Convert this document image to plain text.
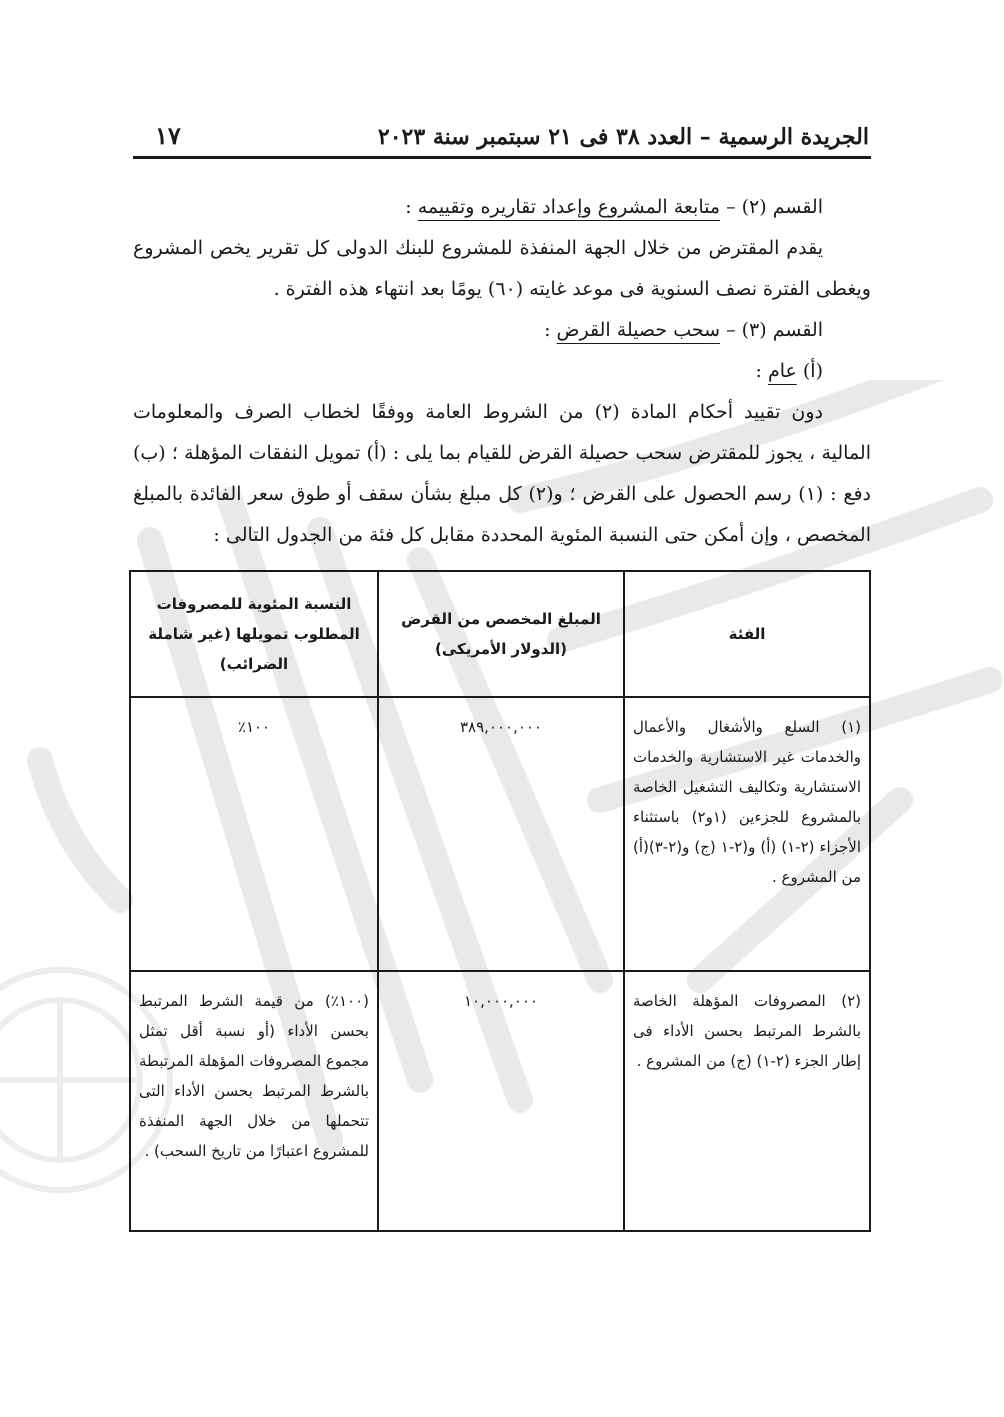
الجريدة الرسمية – العدد ٣٨ فى ٢١ سبتمبر سنة ٢٠٢٣
١٧

القسم (٢) – متابعة المشروع وإعداد تقاريره وتقييمه :

يقدم المقترض من خلال الجهة المنفذة للمشروع للبنك الدولى كل تقرير يخص المشروع ويغطى الفترة نصف السنوية فى موعد غايته (٦٠) يومًا بعد انتهاء هذه الفترة .

القسم (٣) – سحب حصيلة القرض :

(أ) عام :

دون تقييد أحكام المادة (٢) من الشروط العامة ووفقًا لخطاب الصرف والمعلومات المالية ، يجوز للمقترض سحب حصيلة القرض للقيام بما يلى : (أ) تمويل النفقات المؤهلة ؛ (ب) دفع : (١) رسم الحصول على القرض ؛ و(٢) كل مبلغ بشأن سقف أو طوق سعر الفائدة بالمبلغ المخصص ، وإن أمكن حتى النسبة المئوية المحددة مقابل كل فئة من الجدول التالى :

الفئة	المبلغ المخصص من القرض (الدولار الأمريكى)	النسبة المئوية للمصروفات المطلوب تمويلها (غير شاملة الضرائب)
(١) السلع والأشغال والأعمال والخدمات غير الاستشارية والخدمات الاستشارية وتكاليف التشغيل الخاصة بالمشروع للجزءين (١و٢) باستثناء الأجزاء (٢-١) (أ) و(٢-١ (ج) و(٢-٣)(أ) من المشروع .	٣٨٩,٠٠٠,٠٠٠	١٠٠٪
(٢) المصروفات المؤهلة الخاصة بالشرط المرتبط بحسن الأداء فى إطار الجزء (٢-١) (ج) من المشروع .	١٠,٠٠٠,٠٠٠	(١٠٠٪) من قيمة الشرط المرتبط بحسن الأداء (أو نسبة أقل تمثل مجموع المصروفات المؤهلة المرتبطة بالشرط المرتبط بحسن الأداء التى تتحملها من خلال الجهة المنفذة للمشروع اعتبارًا من تاريخ السحب) .
